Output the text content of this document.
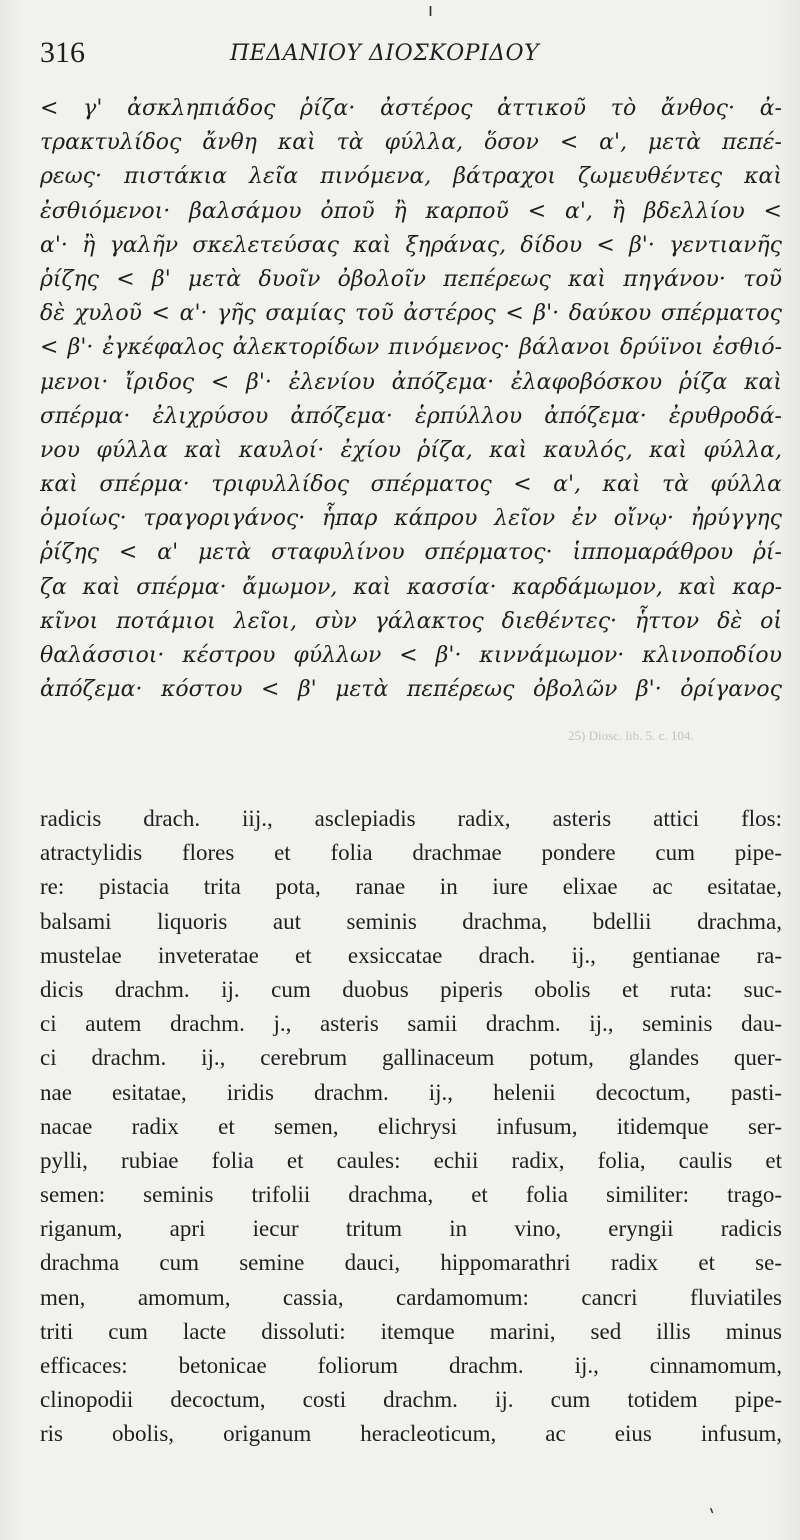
ı
316	ΠΕΔΑΝΙΟΥ ΔΙΟΣΚΟΡΙΔΟΥ
< γ' ἀσκληπιάδος ῥίζα· ἀστέρος ἀττικοῦ τὸ ἄνθος· ἀ-
τρακτυλίδος ἄνθη καὶ τὰ φύλλα, ὅσον < α', μετὰ πεπέ-
ρεως· πιστάκια λεῖα πινόμενα, βάτραχοι ζωμευθέντες καὶ
ἐσθιόμενοι· βαλσάμου ὀποῦ ἢ καρποῦ < α', ἢ βδελλίου <
α'· ἢ γαλῆν σκελετεύσας καὶ ξηράνας, δίδου < β'· γεντιανῆς
ῥίζης < β' μετὰ δυοῖν ὀβολοῖν πεπέρεως καὶ πηγάνου· τοῦ
δὲ χυλοῦ < α'· γῆς σαμίας τοῦ ἀστέρος < β'· δαύκου σπέρματος
< β'· ἐγκέφαλος ἀλεκτορίδων πινόμενος· βάλανοι δρύϊνοι ἐσθιό-
μενοι· ἴριδος < β'· ἐλενίου ἀπόζεμα· ἐλαφοβόσκου ῥίζα καὶ
σπέρμα· ἐλιχρύσου ἀπόζεμα· ἑρπύλλου ἀπόζεμα· ἐρυθροδά-
νου φύλλα καὶ καυλοί· ἐχίου ῥίζα, καὶ καυλός, καὶ φύλλα,
καὶ σπέρμα· τριφυλλίδος σπέρματος < α', καὶ τὰ φύλλα
ὁμοίως· τραγοριγάνος· ἧπαρ κάπρου λεῖον ἐν οἴνῳ· ἠρύγγης
ῥίζης < α' μετὰ σταφυλίνου σπέρματος· ἱππομαράθρου ῥί-
ζα καὶ σπέρμα· ἄμωμον, καὶ κασσία· καρδάμωμον, καὶ καρ-
κῖνοι ποτάμιοι λεῖοι, σὺν γάλακτος διεθέντες· ἧττον δὲ οἱ
θαλάσσιοι· κέστρου φύλλων < β'· κιννάμωμον· κλινοποδίου
ἀπόζεμα· κόστου < β' μετὰ πεπέρεως ὀβολῶν β'· ὀρίγανος
25) Diosc. lib. 5. c. 104.
radicis drach. iij., asclepiadis radix, asteris attici flos:
atractylidis flores et folia drachmae pondere cum pipe-
re: pistacia trita pota, ranae in iure elixae ac esitatae,
balsami liquoris aut seminis drachma, bdellii drachma,
mustelae inveteratae et exsiccatae drach. ij., gentianae ra-
dicis drachm. ij. cum duobus piperis obolis et ruta: suc-
ci autem drachm. j., asteris samii drachm. ij., seminis dau-
ci drachm. ij., cerebrum gallinaceum potum, glandes quer-
nae esitatae, iridis drachm. ij., helenii decoctum, pasti-
nacae radix et semen, elichrysi infusum, itidemque ser-
pylli, rubiae folia et caules: echii radix, folia, caulis et
semen: seminis trifolii drachma, et folia similiter: trago-
riganum, apri iecur tritum in vino, eryngii radicis
drachma cum semine dauci, hippomarathri radix et se-
men, amomum, cassia, cardamomum: cancri fluviatiles
triti cum lacte dissoluti: itemque marini, sed illis minus
efficaces: betonicae foliorum drachm. ij., cinnamomum,
clinopodii decoctum, costi drachm. ij. cum totidem pipe-
ris obolis, origanum heracleoticum, ac eius infusum,
ˋ
